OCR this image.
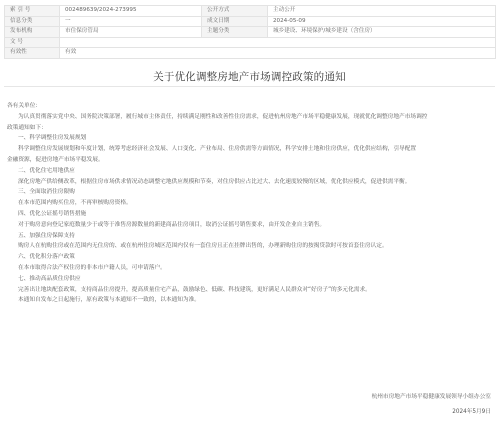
索 引 号	002489639/2024-273995	公开方式	主动公开
信息分类	一	成文日期	2024-05-09
发布机构	市住保房管局	主题分类	城乡建设、环境保护/城乡建设（含住房）
文 号			
有效性	有效		
关于优化调整房地产市场调控政策的通知

各有关单位：

为认真贯彻落实党中央、国务院决策部署，履行城市主体责任，持续满足刚性和改善性住房需求，促进杭州房地产市场平稳健康发展，现就优化调整房地产市场调控

政策通知如下：

一、科学调整住房发展规划

科学调整住房发展规划和年度计划，统筹考虑经济社会发展、人口变化、产业布局、住房供需等方面情况，科学安排土地和住房供应，优化供应结构，引导配置

金融资源，促进房地产市场平稳发展。

二、优化住宅用地供应

深化房地产供给侧改革，根据住房市场供求情况动态调整宅地供应规模和节奏，对住房供应占比过大、去化速度较慢的区域，优化供应模式，促进供需平衡。

三、全面取消住房限购

在本市范围内购买住房，不再审核购房资格。

四、优化公证摇号销售措施

对于购房意向登记家庭数量少于或等于准售房源数量的新建商品住房项目，取消公证摇号销售要求，由开发企业自主销售。

五、加强住房保障支持

购房人在杭购住房或在范围内无住房的、或在杭州住房城区范围内仅有一套住房且正在挂牌出售的，办理新购住房的按揭贷款时可按首套住房认定。

六、优化积分落户政策

在本市取得合法产权住房的非本市户籍人员，可申请落户。

七、推动高品质住房供应

完善出让地块配套政策，支持商品住房提升，提高质量住宅产品，鼓励绿色、低碳、科技建筑，更好满足人民群众对“好房子”的多元化需求。

本通知自发布之日起施行，原有政策与本通知不一致的，以本通知为准。

杭州市房地产市场平稳健康发展领导小组办公室
2024年5月9日
